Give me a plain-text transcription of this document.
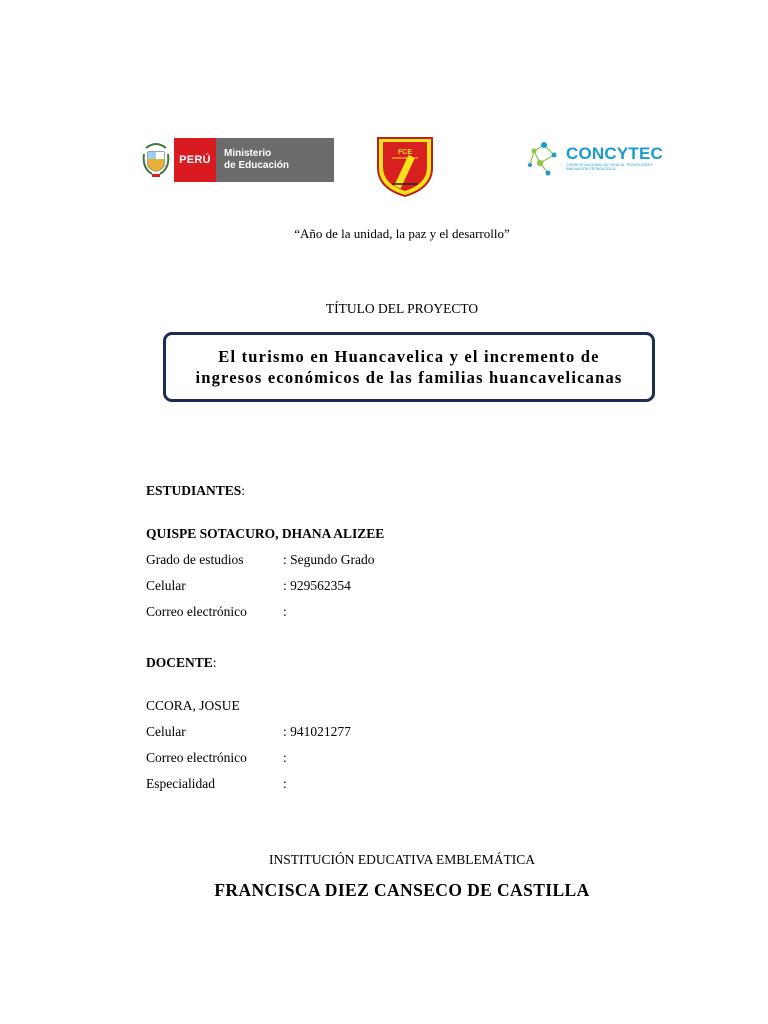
PERÚ
Ministerio
de Educación
FCE	CONCYTEC
CONSEJO NACIONAL DE CIENCIA, TECNOLOGÍA E INNOVACIÓN TECNOLÓGICA
“Año de la unidad, la paz y el desarrollo”
TÍTULO DEL PROYECTO
El turismo en Huancavelica y el incremento de
ingresos económicos de las familias huancavelicanas
ESTUDIANTES:
QUISPE SOTACURO, DHANA ALIZEE
Grado de estudios	: Segundo Grado
Celular	: 929562354
Correo electrónico	:
DOCENTE:
CCORA, JOSUE
Celular	: 941021277
Correo electrónico	:
Especialidad	:
INSTITUCIÓN EDUCATIVA EMBLEMÁTICA
FRANCISCA DIEZ CANSECO DE CASTILLA
